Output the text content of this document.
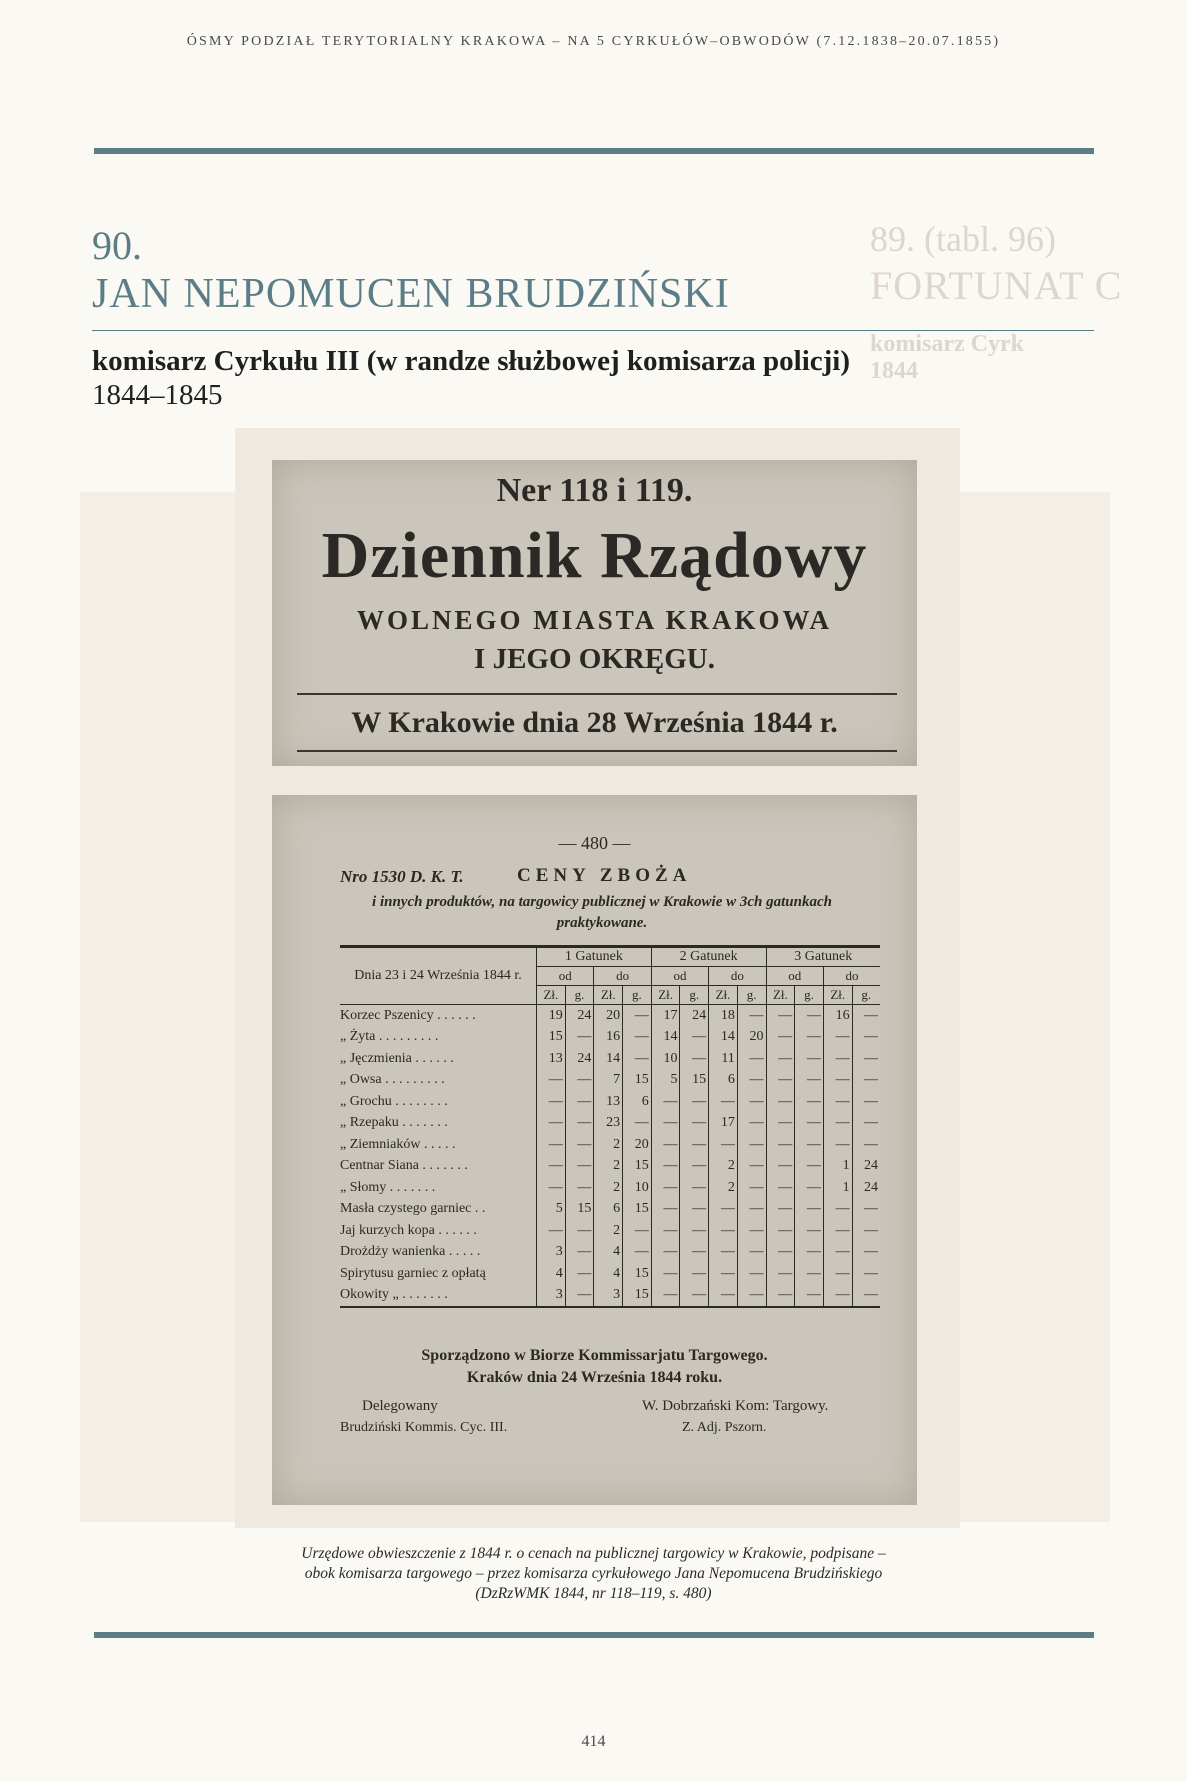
ÓSMY PODZIAŁ TERYTORIALNY KRAKOWA – NA 5 CYRKUŁÓW–OBWODÓW (7.12.1838–20.07.1855)
89. (tabl. 96)
FORTUNAT C
komisarz Cyrk
1844
90.
JAN NEPOMUCEN BRUDZIŃSKI
komisarz Cyrkułu III (w randze służbowej komisarza policji)
1844–1845
Ner 118 i 119.
Dziennik Rządowy
WOLNEGO MIASTA KRAKOWA
I JEGO OKRĘGU.
W Krakowie dnia 28 Września 1844 r.
— 480 —
Nro 1530 D. K. T.	CENY ZBOŻA
i innych produktów, na targowicy publicznej w Krakowie w 3ch gatunkach praktykowane.
Dnia 23 i 24 Września 1844 r.	1 Gatunek				2 Gatunek				3 Gatunek			
	od		do		od		do		od		do	
	Zł.	g.	Zł.	g.	Zł.	g.	Zł.	g.	Zł.	g.	Zł.	g.
Korzec Pszenicy . . . . . .	19	24	20	—	17	24	18	—	—	—	16	—
„ Żyta . . . . . . . . .	15	—	16	—	14	—	14	20	—	—	—	—
„ Jęczmienia . . . . . .	13	24	14	—	10	—	11	—	—	—	—	—
„ Owsa . . . . . . . . .	—	—	7	15	5	15	6	—	—	—	—	—
„ Grochu . . . . . . . .	—	—	13	6	—	—	—	—	—	—	—	—
„ Rzepaku . . . . . . .	—	—	23	—	—	—	17	—	—	—	—	—
„ Ziemniaków . . . . .	—	—	2	20	—	—	—	—	—	—	—	—
Centnar Siana . . . . . . .	—	—	2	15	—	—	2	—	—	—	1	24
„ Słomy . . . . . . .	—	—	2	10	—	—	2	—	—	—	1	24
Masła czystego garniec . .	5	15	6	15	—	—	—	—	—	—	—	—
Jaj kurzych kopa . . . . . .	—	—	2	—	—	—	—	—	—	—	—	—
Drożdży wanienka . . . . .	3	—	4	—	—	—	—	—	—	—	—	—
Spirytusu garniec z opłatą	4	—	4	15	—	—	—	—	—	—	—	—
Okowity „ . . . . . . .	3	—	3	15	—	—	—	—	—	—	—	—
Sporządzono w Biorze Kommissarjatu Targowego.
Kraków dnia 24 Września 1844 roku.
Delegowany
Brudziński Kommis. Cyc. III.
W. Dobrzański Kom: Targowy.
Z. Adj. Pszorn.
Urzędowe obwieszczenie z 1844 r. o cenach na publicznej targowicy w Krakowie, podpisane –
obok komisarza targowego – przez komisarza cyrkułowego Jana Nepomucena Brudzińskiego
(DzRzWMK 1844, nr 118–119, s. 480)
414
